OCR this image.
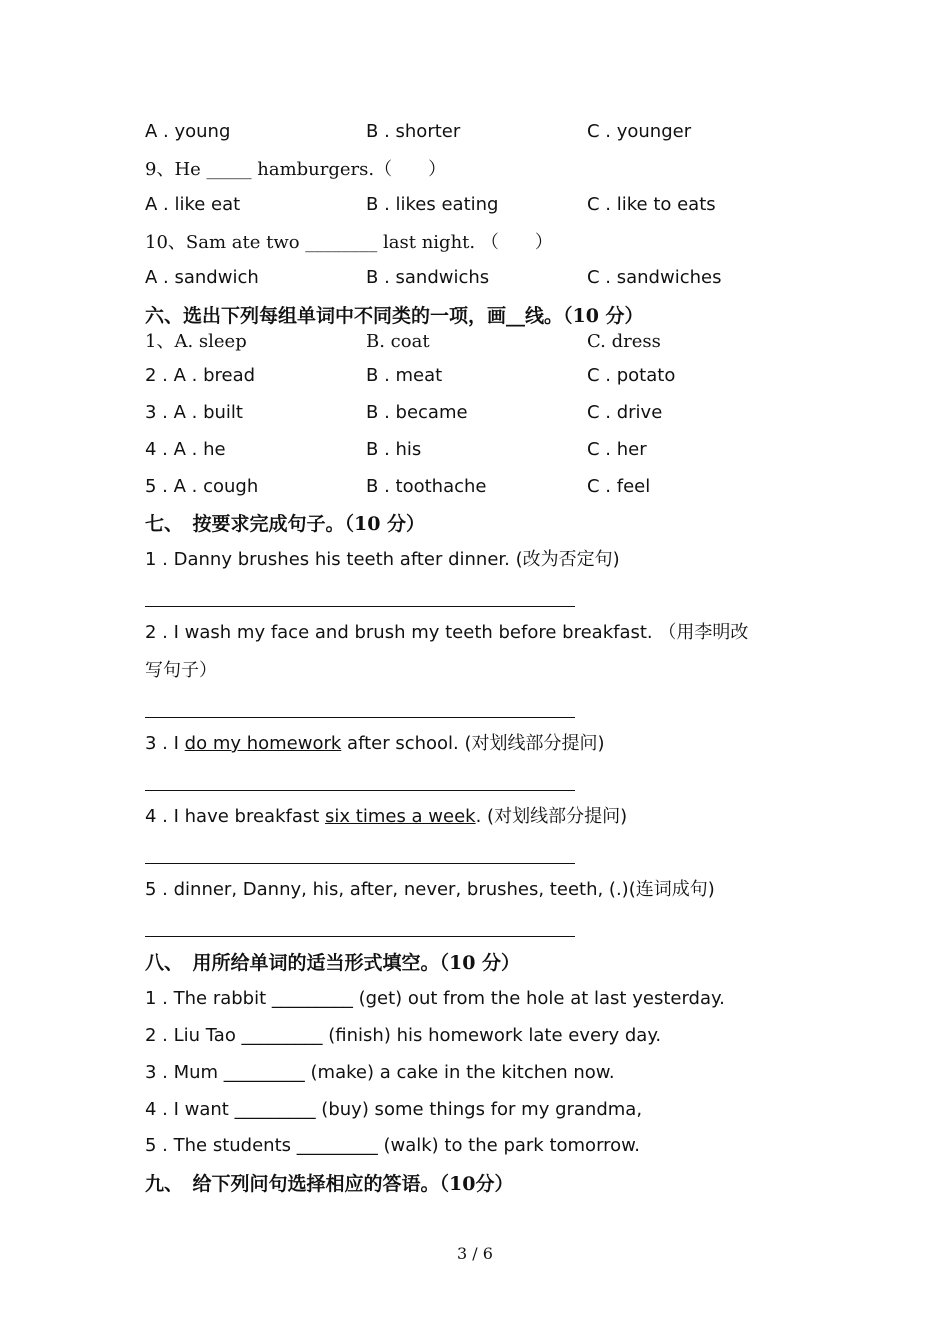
A . young	B . shorter	C . younger
9、He _____ hamburgers.（　　）
A . like eat	B . likes eating	C . like to eats
10、Sam ate two ________ last night. （　　）
A . sandwich	B . sandwichs	C . sandwiches
六、选出下列每组单词中不同类的一项，画__线。（10 分）
1、A. sleep	B. coat	C. dress
2 . A . bread	B . meat	C . potato
3 . A . built	B . became	C . drive
4 . A . he	B . his	C . her
5 . A . cough	B . toothache	C . feel
七、　按要求完成句子。（10 分）
1 . Danny brushes his teeth after dinner. (改为否定句)
2 . I wash my face and brush my teeth before breakfast. （用李明改
写句子）
3 . I do my homework after school. (对划线部分提问)
4 . I have breakfast six times a week. (对划线部分提问)
5 . dinner, Danny, his, after, never, brushes, teeth, (.)(连词成句)
八、　用所给单词的适当形式填空。（10 分）
1 . The rabbit _________ (get) out from the hole at last yesterday.
2 . Liu Tao _________ (finish) his homework late every day.
3 . Mum _________ (make) a cake in the kitchen now.
4 . I want _________ (buy) some things for my grandma,
5 . The students _________ (walk) to the park tomorrow.
九、　给下列问句选择相应的答语。（10分）
3 / 6
